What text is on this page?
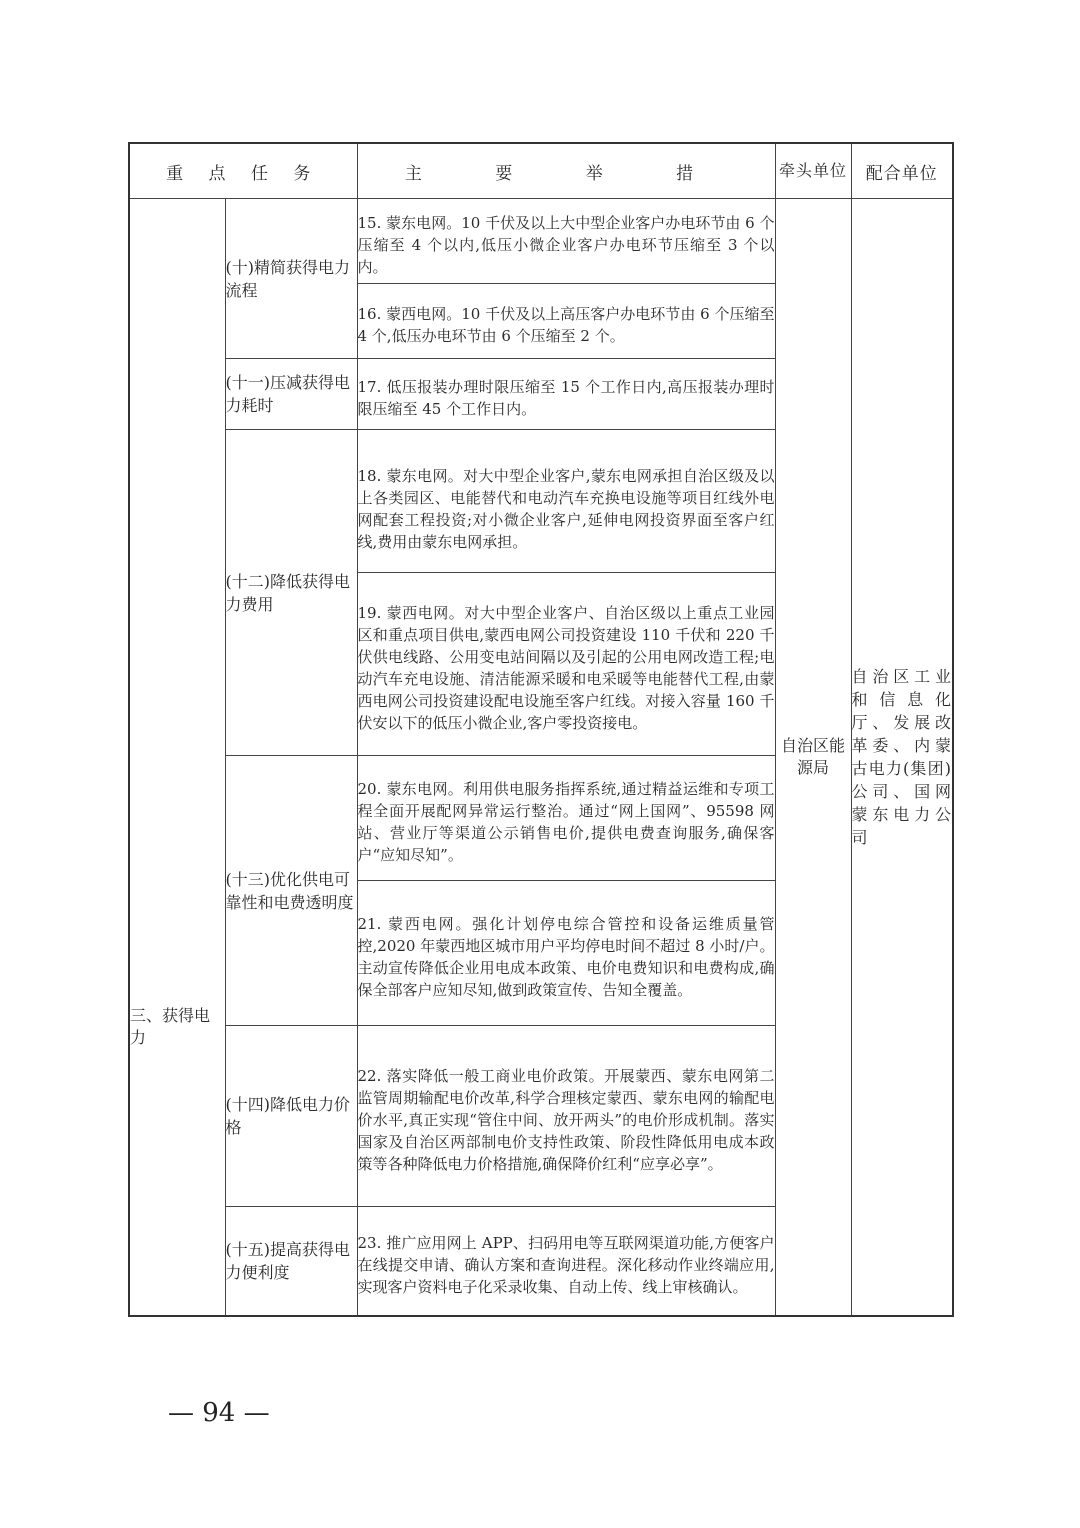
重 点 任 务		主 要 举 措	牵头单位	配合单位
三、获得电力	(十)精简获得电力流程	15. 蒙东电网。10 千伏及以上大中型企业客户办电环节由 6 个压缩至 4 个以内,低压小微企业客户办电环节压缩至 3 个以内。	自治区能源局	自治区工业和信息化厅、发展改革委、内蒙古电力(集团)公司、国网蒙东电力公司

		16. 蒙西电网。10 千伏及以上高压客户办电环节由 6 个压缩至 4 个,低压办电环节由 6 个压缩至 2 个。		

	(十一)压减获得电力耗时	17. 低压报装办理时限压缩至 15 个工作日内,高压报装办理时限压缩至 45 个工作日内。		

	(十二)降低获得电力费用	18. 蒙东电网。对大中型企业客户,蒙东电网承担自治区级及以上各类园区、电能替代和电动汽车充换电设施等项目红线外电网配套工程投资;对小微企业客户,延伸电网投资界面至客户红线,费用由蒙东电网承担。		

		19. 蒙西电网。对大中型企业客户、自治区级以上重点工业园区和重点项目供电,蒙西电网公司投资建设 110 千伏和 220 千伏供电线路、公用变电站间隔以及引起的公用电网改造工程;电动汽车充电设施、清洁能源采暖和电采暖等电能替代工程,由蒙西电网公司投资建设配电设施至客户红线。对接入容量 160 千伏安以下的低压小微企业,客户零投资接电。		

	(十三)优化供电可靠性和电费透明度	20. 蒙东电网。利用供电服务指挥系统,通过精益运维和专项工程全面开展配网异常运行整治。通过“网上国网”、95598 网站、营业厅等渠道公示销售电价,提供电费查询服务,确保客户“应知尽知”。		

		21. 蒙西电网。强化计划停电综合管控和设备运维质量管控,2020 年蒙西地区城市用户平均停电时间不超过 8 小时/户。主动宣传降低企业用电成本政策、电价电费知识和电费构成,确保全部客户应知尽知,做到政策宣传、告知全覆盖。		

	(十四)降低电力价格	22. 落实降低一般工商业电价政策。开展蒙西、蒙东电网第二监管周期输配电价改革,科学合理核定蒙西、蒙东电网的输配电价水平,真正实现“管住中间、放开两头”的电价形成机制。落实国家及自治区两部制电价支持性政策、阶段性降低用电成本政策等各种降低电力价格措施,确保降价红利“应享必享”。		

	(十五)提高获得电力便利度	23. 推广应用网上 APP、扫码用电等互联网渠道功能,方便客户在线提交申请、确认方案和查询进程。深化移动作业终端应用,实现客户资料电子化采录收集、自动上传、线上审核确认。		
— 94 —
